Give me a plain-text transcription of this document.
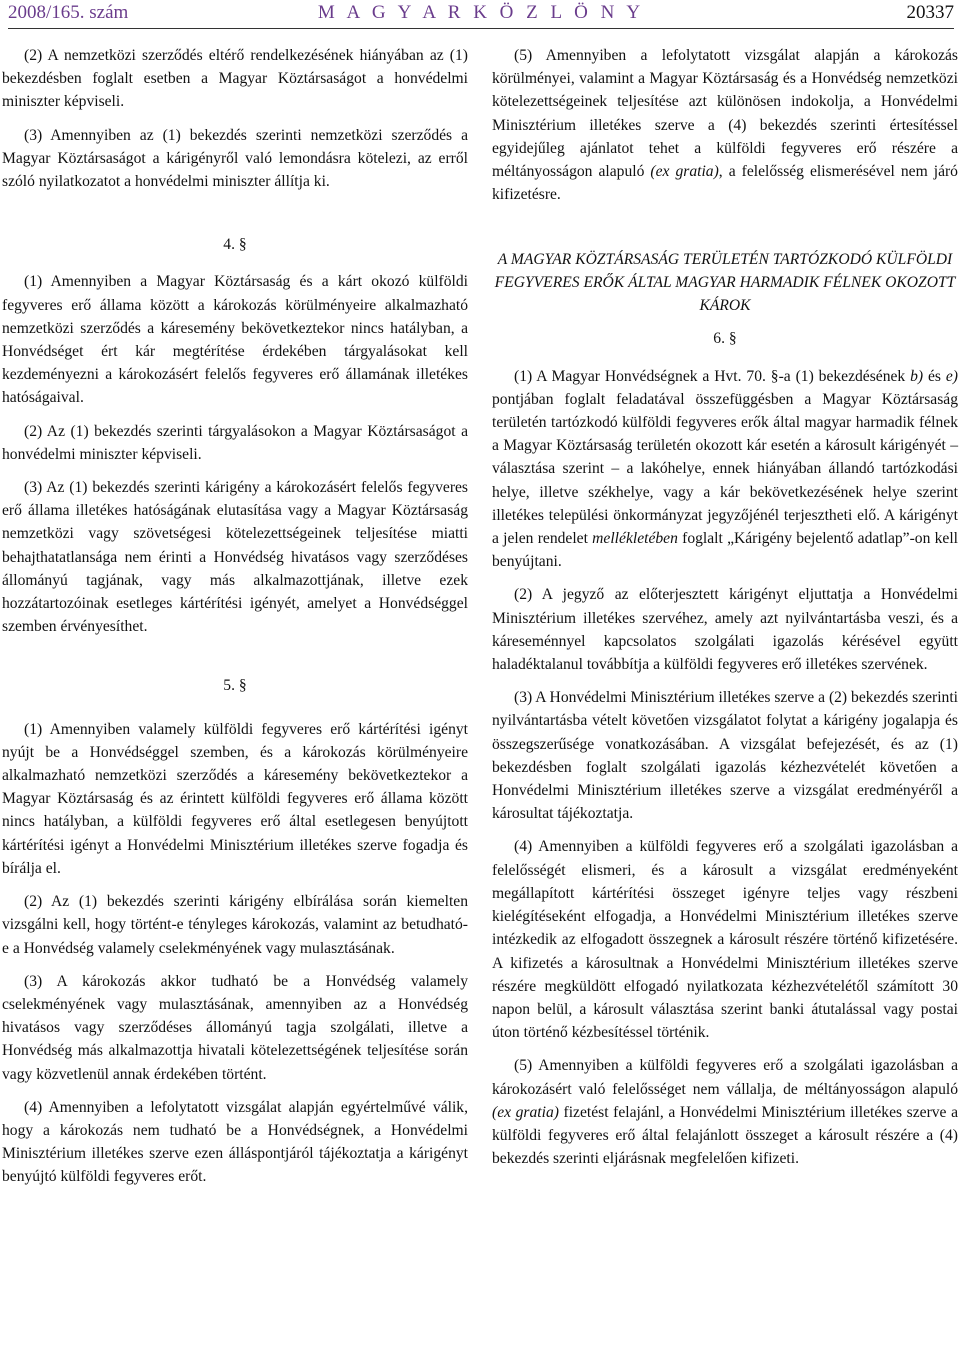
2008/165. szám	M A G Y A R K Ö Z L Ö N Y	20337

(2) A nemzetközi szerződés eltérő rendelkezésének hiányában az (1) bekezdésben foglalt esetben a Magyar Köztársaságot a honvédelmi miniszter képviseli.

(3) Amennyiben az (1) bekezdés szerinti nemzetközi szerződés a Magyar Köztársaságot a kárigényről való lemondásra kötelezi, az erről szóló nyilatkozatot a honvédelmi miniszter állítja ki.

4. §

(1) Amennyiben a Magyar Köztársaság és a kárt okozó külföldi fegyveres erő állama között a károkozás körülményeire alkalmazható nemzetközi szerződés a káresemény bekövetkeztekor nincs hatályban, a Honvédséget ért kár megtérítése érdekében tárgyalásokat kell kezdeményezni a károkozásért felelős fegyveres erő államának illetékes hatóságaival.

(2) Az (1) bekezdés szerinti tárgyalásokon a Magyar Köztársaságot a honvédelmi miniszter képviseli.

(3) Az (1) bekezdés szerinti kárigény a károkozásért felelős fegyveres erő állama illetékes hatóságának elutasítása vagy a Magyar Köztársaság nemzetközi vagy szövetségesi kötelezettségeinek teljesítése miatti behajthatatlansága nem érinti a Honvédség hivatásos vagy szerződéses állományú tagjának, vagy más alkalmazottjának, illetve ezek hozzátartozóinak esetleges kártérítési igényét, amelyet a Honvédséggel szemben érvényesíthet.

5. §

(1) Amennyiben valamely külföldi fegyveres erő kártérítési igényt nyújt be a Honvédséggel szemben, és a károkozás körülményeire alkalmazható nemzetközi szerződés a káresemény bekövetkeztekor a Magyar Köztársaság és az érintett külföldi fegyveres erő állama között nincs hatályban, a külföldi fegyveres erő által esetlegesen benyújtott kártérítési igényt a Honvédelmi Minisztérium illetékes szerve fogadja és bírálja el.

(2) Az (1) bekezdés szerinti kárigény elbírálása során kiemelten vizsgálni kell, hogy történt-e tényleges károkozás, valamint az betudható-e a Honvédség valamely cselekményének vagy mulasztásának.

(3) A károkozás akkor tudható be a Honvédség valamely cselekményének vagy mulasztásának, amennyiben az a Honvédség hivatásos vagy szerződéses állományú tagja szolgálati, illetve a Honvédség más alkalmazottja hivatali kötelezettségének teljesítése során vagy közvetlenül annak érdekében történt.

(4) Amennyiben a lefolytatott vizsgálat alapján egyértelművé válik, hogy a károkozás nem tudható be a Honvédségnek, a Honvédelmi Minisztérium illetékes szerve ezen álláspontjáról tájékoztatja a kárigényt benyújtó külföldi fegyveres erőt.

(5) Amennyiben a lefolytatott vizsgálat alapján a károkozás körülményei, valamint a Magyar Köztársaság és a Honvédség nemzetközi kötelezettségeinek teljesítése azt különösen indokolja, a Honvédelmi Minisztérium illetékes szerve a (4) bekezdés szerinti értesítéssel egyidejűleg ajánlatot tehet a külföldi fegyveres erő részére a méltányosságon alapuló (ex gratia), a felelősség elismerésével nem járó kifizetésre.

A MAGYAR KÖZTÁRSASÁG TERÜLETÉN TARTÓZKODÓ KÜLFÖLDI FEGYVERES ERŐK ÁLTAL MAGYAR HARMADIK FÉLNEK OKOZOTT KÁROK
6. §

(1) A Magyar Honvédségnek a Hvt. 70. §-a (1) bekezdésének b) és e) pontjában foglalt feladatával összefüggésben a Magyar Köztársaság területén tartózkodó külföldi fegyveres erők által magyar harmadik félnek a Magyar Köztársaság területén okozott kár esetén a károsult kárigényét – választása szerint – a lakóhelye, ennek hiányában állandó tartózkodási helye, illetve székhelye, vagy a kár bekövetkezésének helye szerint illetékes települési önkormányzat jegyzőjénél terjesztheti elő. A kárigényt a jelen rendelet mellékletében foglalt „Kárigény bejelentő adatlap”-on kell benyújtani.

(2) A jegyző az előterjesztett kárigényt eljuttatja a Honvédelmi Minisztérium illetékes szervéhez, amely azt nyilvántartásba veszi, és a káreseménnyel kapcsolatos szolgálati igazolás kérésével együtt haladéktalanul továbbítja a külföldi fegyveres erő illetékes szervének.

(3) A Honvédelmi Minisztérium illetékes szerve a (2) bekezdés szerinti nyilvántartásba vételt követően vizsgálatot folytat a kárigény jogalapja és összegszerűsége vonatkozásában. A vizsgálat befejezését, és az (1) bekezdésben foglalt szolgálati igazolás kézhezvételét követően a Honvédelmi Minisztérium illetékes szerve a vizsgálat eredményéről a károsultat tájékoztatja.

(4) Amennyiben a külföldi fegyveres erő a szolgálati igazolásban a felelősségét elismeri, és a károsult a vizsgálat eredményeként megállapított kártérítési összeget igényre teljes vagy részbeni kielégítéseként elfogadja, a Honvédelmi Minisztérium illetékes szerve intézkedik az elfogadott összegnek a károsult részére történő kifizetésére. A kifizetés a károsultnak a Honvédelmi Minisztérium illetékes szerve részére megküldött elfogadó nyilatkozata kézhezvételétől számított 30 napon belül, a károsult választása szerint banki átutalással vagy postai úton történő kézbesítéssel történik.

(5) Amennyiben a külföldi fegyveres erő a szolgálati igazolásban a károkozásért való felelősséget nem vállalja, de méltányosságon alapuló (ex gratia) fizetést felajánl, a Honvédelmi Minisztérium illetékes szerve a külföldi fegyveres erő által felajánlott összeget a károsult részére a (4) bekezdés szerinti eljárásnak megfelelően kifizeti.
